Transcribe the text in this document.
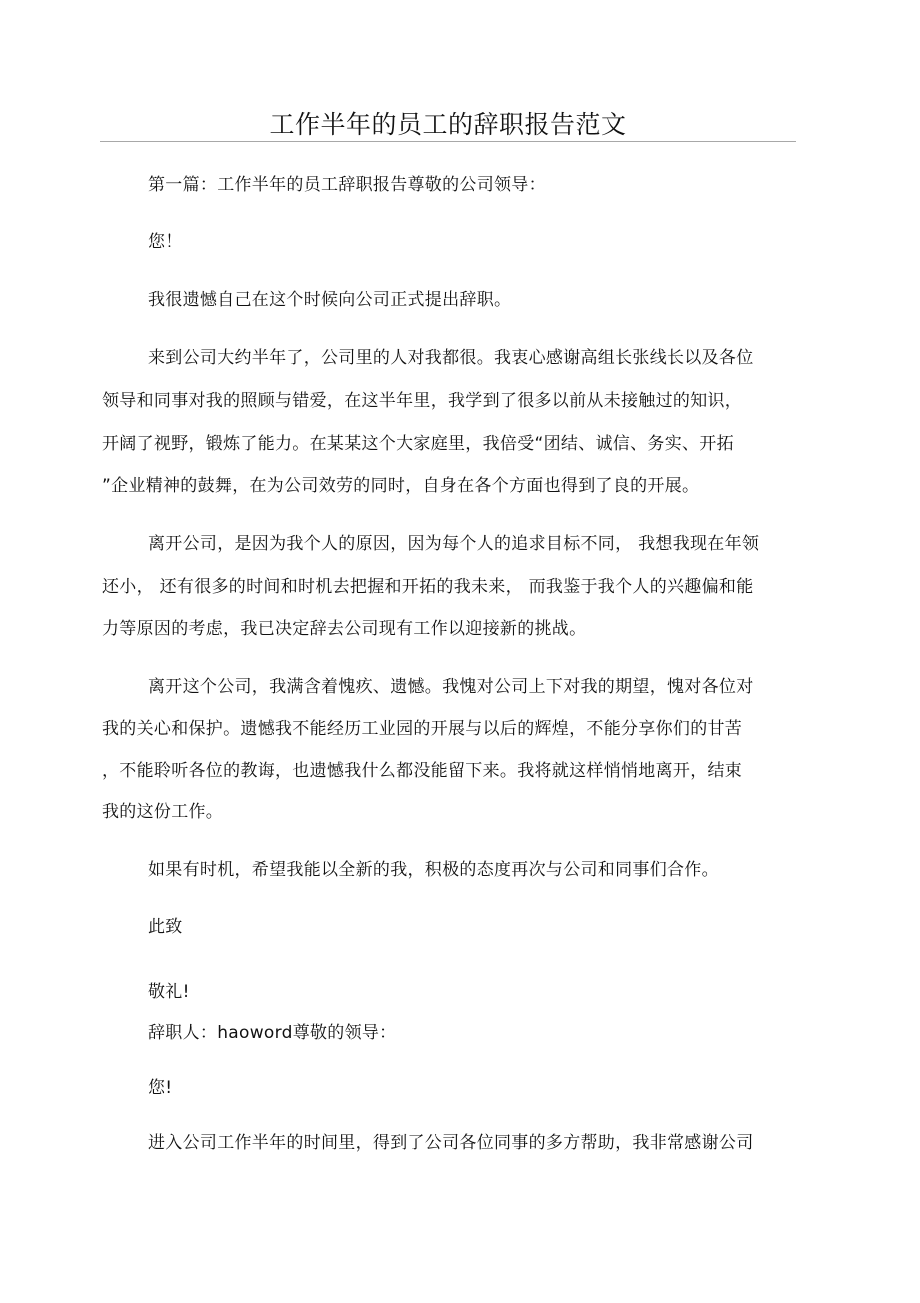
工作半年的员工的辞职报告范文
第一篇：工作半年的员工辞职报告尊敬的公司领导：
您！
我很遗憾自己在这个时候向公司正式提出辞职。
来到公司大约半年了，公司里的人对我都很。我衷心感谢高组长张线长以及各位
领导和同事对我的照顾与错爱，在这半年里，我学到了很多以前从未接触过的知识，
开阔了视野，锻炼了能力。在某某这个大家庭里，我倍受“团结、诚信、务实、开拓
”企业精神的鼓舞，在为公司效劳的同时，自身在各个方面也得到了良的开展。
离开公司，是因为我个人的原因，因为每个人的追求目标不同， 我想我现在年领
还小， 还有很多的时间和时机去把握和开拓的我未来， 而我鉴于我个人的兴趣偏和能
力等原因的考虑，我已决定辞去公司现有工作以迎接新的挑战。
离开这个公司，我满含着愧疚、遗憾。我愧对公司上下对我的期望，愧对各位对
我的关心和保护。遗憾我不能经历工业园的开展与以后的辉煌，不能分享你们的甘苦
，不能聆听各位的教诲，也遗憾我什么都没能留下来。我将就这样悄悄地离开，结束
我的这份工作。
如果有时机，希望我能以全新的我，积极的态度再次与公司和同事们合作。
此致
敬礼!
辞职人：haoword尊敬的领导：
您!
进入公司工作半年的时间里，得到了公司各位同事的多方帮助，我非常感谢公司
